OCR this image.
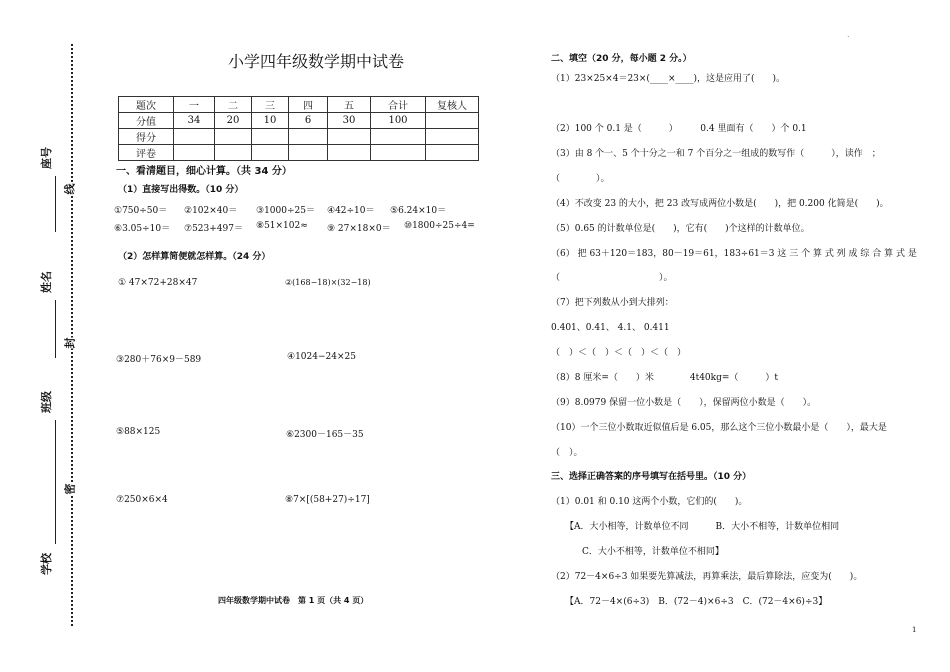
座号
姓名
班级
学校
线
封
密
小学四年级数学期中试卷
题次	一	二	三	四	五	合计	复核人
分值	34	20	10	6	30	100	
得分							
评卷							
一、看清题目，细心计算。（共 34 分）
（1）直接写出得数。（10 分）
①750÷50＝ ②102×40＝ ③1000÷25＝ ④42÷10＝ ⑤6.24×10＝
⑥3.05÷10＝ ⑦523+497＝ ⑧51×102≈ ⑨ 27×18×0＝ ⑩1800÷25÷4=
（2）怎样算简便就怎样算。（24 分）
① 47×72+28×47	②(168−18)×(32−18)
③280＋76×9－589	④1024−24×25
⑤88×125	⑥2300－165－35
⑦250×6×4	⑧7×[(58+27)÷17]
四年级数学期中试卷　第 1 页（共 4 页）
二、填空（20 分，每小题 2 分。）
（1）23×25×4＝23×(____×____)，这是应用了(　　)。
（2）100 个 0.1 是（　　　）　　　0.4 里面有（　　）个 0.1
（3）由 8 个一、5 个十分之一和 7 个百分之一组成的数写作（　　　），读作　；
（　　　　）。
（4）不改变 23 的大小，把 23 改写成两位小数是(　　)，把 0.200 化简是(　　)。
（5）0.65 的计数单位是(　　)，它有(　　)个这样的计数单位。
（6） 把 63＋120＝183，80－19＝61，183÷61＝3 这 三 个 算 式 列 成 综 合 算 式 是
（　　　　　　　　　　　）。
（7）把下列数从小到大排列：
0.401、0.41、 4.1、 0.411
（　）＜（　）＜（　）＜（　）
（8）8 厘米=（　　）米　　　　4t40kg=（　　　）t
（9）8.0979 保留一位小数是（　　），保留两位小数是（　　）。
（10）一个三位小数取近似值后是 6.05，那么这个三位小数最小是（　　），最大是
（　）。
三、选择正确答案的序号填写在括号里。（10 分）
（1）0.01 和 0.10 这两个小数，它们的(　　)。
【A．大小相等，计数单位不同　　　B．大小不相等，计数单位相同
C．大小不相等，计数单位不相同】
（2）72－4×6÷3 如果要先算减法，再算乘法，最后算除法，应变为(　　)。
【A．72－4×(6÷3)　B．(72－4)×6÷3　C．(72－4×6)÷3】
1
.
